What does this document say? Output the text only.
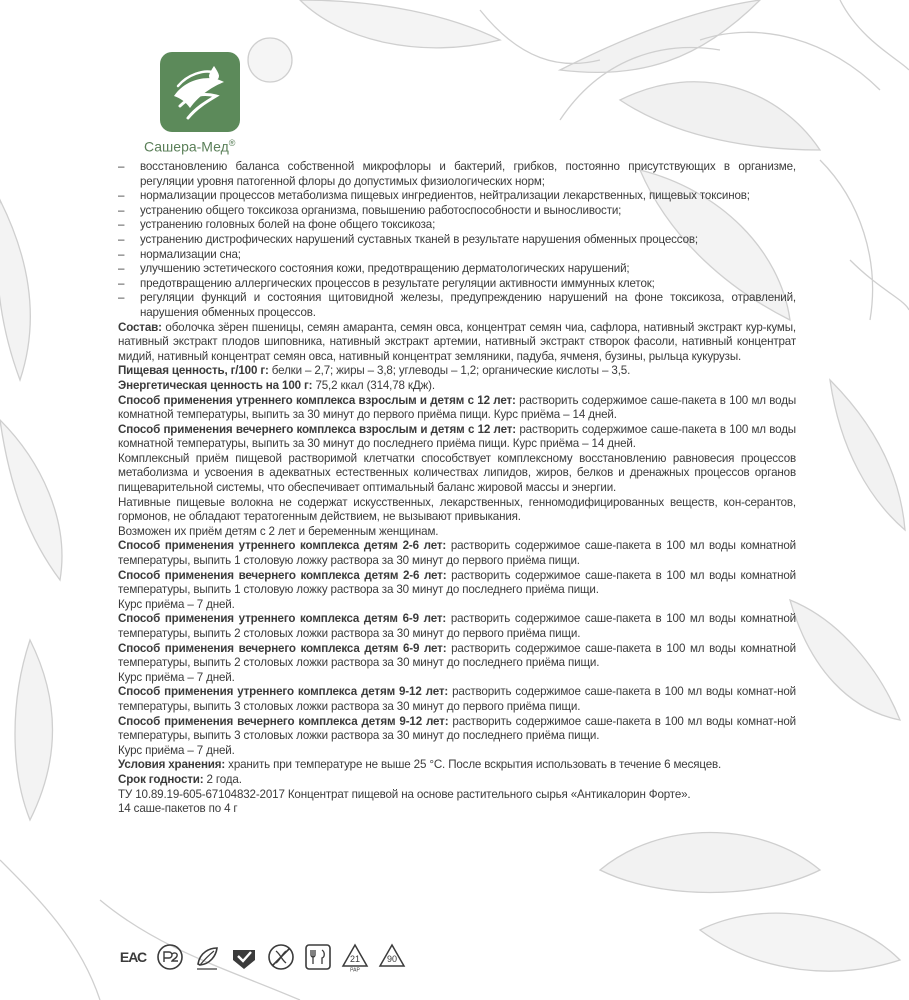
Сашера-Мед®
– восстановлению баланса собственной микрофлоры и бактерий, грибков, постоянно присутствующих в организме, регуляции уровня патогенной флоры до допустимых физиологических норм;
– нормализации процессов метаболизма пищевых ингредиентов, нейтрализации лекарственных, пищевых токсинов;
– устранению общего токсикоза организма, повышению работоспособности и выносливости;
– устранению головных болей на фоне общего токсикоза;
– устранению дистрофических нарушений суставных тканей в результате нарушения обменных процессов;
– нормализации сна;
– улучшению эстетического состояния кожи, предотвращению дерматологических нарушений;
– предотвращению аллергических процессов в результате регуляции активности иммунных клеток;
– регуляции функций и состояния щитовидной железы, предупреждению нарушений на фоне токсикоза, отравлений, нарушения обменных процессов.

Состав: оболочка зёрен пшеницы, семян амаранта, семян овса, концентрат семян чиа, сафлора, нативный экстракт кур-кумы, нативный экстракт плодов шиповника, нативный экстракт артемии, нативный экстракт створок фасоли, нативный концентрат мидий, нативный концентрат семян овса, нативный концентрат земляники, падуба, ячменя, бузины, рыльца кукурузы.

Пищевая ценность, г/100 г: белки – 2,7; жиры – 3,8; углеводы – 1,2; органические кислоты – 3,5.

Энергетическая ценность на 100 г: 75,2 ккал (314,78 кДж).

Способ применения утреннего комплекса взрослым и детям с 12 лет: растворить содержимое саше-пакета в 100 мл воды комнатной температуры, выпить за 30 минут до первого приёма пищи. Курс приёма – 14 дней.

Способ применения вечернего комплекса взрослым и детям с 12 лет: растворить содержимое саше-пакета в 100 мл воды комнатной температуры, выпить за 30 минут до последнего приёма пищи. Курс приёма – 14 дней.

Комплексный приём пищевой растворимой клетчатки способствует комплексному восстановлению равновесия процессов метаболизма и усвоения в адекватных естественных количествах липидов, жиров, белков и дренажных процессов органов пищеварительной системы, что обеспечивает оптимальный баланс жировой массы и энергии.

Нативные пищевые волокна не содержат искусственных, лекарственных, генномодифицированных веществ, кон-серантов, гормонов, не обладают тератогенным действием, не вызывают привыкания.

Возможен их приём детям с 2 лет и беременным женщинам.

Способ применения утреннего комплекса детям 2-6 лет: растворить содержимое саше-пакета в 100 мл воды комнатной температуры, выпить 1 столовую ложку раствора за 30 минут до первого приёма пищи.

Способ применения вечернего комплекса детям 2-6 лет: растворить содержимое саше-пакета в 100 мл воды комнатной температуры, выпить 1 столовую ложку раствора за 30 минут до последнего приёма пищи.

Курс приёма – 7 дней.

Способ применения утреннего комплекса детям 6-9 лет: растворить содержимое саше-пакета в 100 мл воды комнатной температуры, выпить 2 столовых ложки раствора за 30 минут до первого приёма пищи.

Способ применения вечернего комплекса детям 6-9 лет: растворить содержимое саше-пакета в 100 мл воды комнатной температуры, выпить 2 столовых ложки раствора за 30 минут до последнего приёма пищи.

Курс приёма – 7 дней.

Способ применения утреннего комплекса детям 9-12 лет: растворить содержимое саше-пакета в 100 мл воды комнат-ной температуры, выпить 3 столовых ложки раствора за 30 минут до первого приёма пищи.

Способ применения вечернего комплекса детям 9-12 лет: растворить содержимое саше-пакета в 100 мл воды комнат-ной температуры, выпить 3 столовых ложки раствора за 30 минут до последнего приёма пищи.

Курс приёма – 7 дней.

Условия хранения: хранить при температуре не выше 25 °С. После вскрытия использовать в течение 6 месяцев.

Срок годности: 2 года.

ТУ 10.89.19-605-67104832-2017 Концентрат пищевой на основе растительного сырья «Антикалорин Форте».

14 саше-пакетов по 4 г

ЕАС	21
PAP
90
